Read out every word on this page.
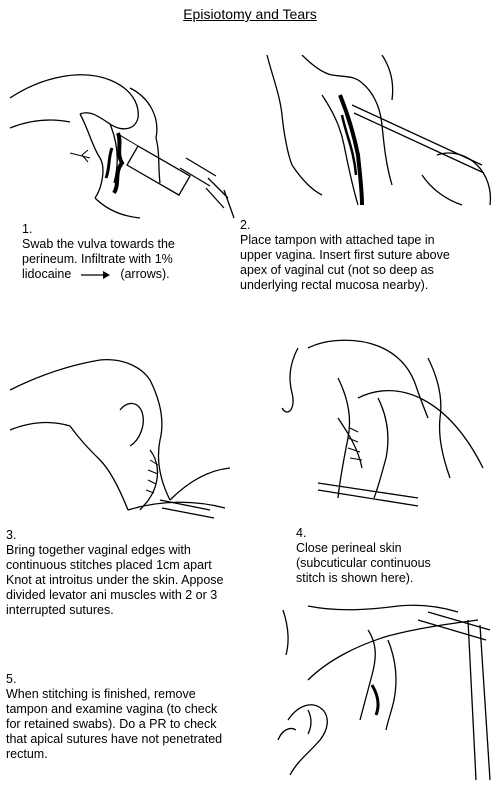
Episiotomy and Tears
1.
Swab the vulva towards the
perineum. Infiltrate with 1%
lidocaine	(arrows).
2.
Place tampon with attached tape in
upper vagina. Insert first suture above
apex of vaginal cut (not so deep as
underlying rectal mucosa nearby).
3.
Bring together vaginal edges with
continuous stitches placed 1cm apart
Knot at introitus under the skin. Appose
divided levator ani muscles with 2 or 3
interrupted sutures.
4.
Close perineal skin
(subcuticular continuous
stitch is shown here).
5.
When stitching is finished, remove
tampon and examine vagina (to check
for retained swabs). Do a PR to check
that apical sutures have not penetrated
rectum.
